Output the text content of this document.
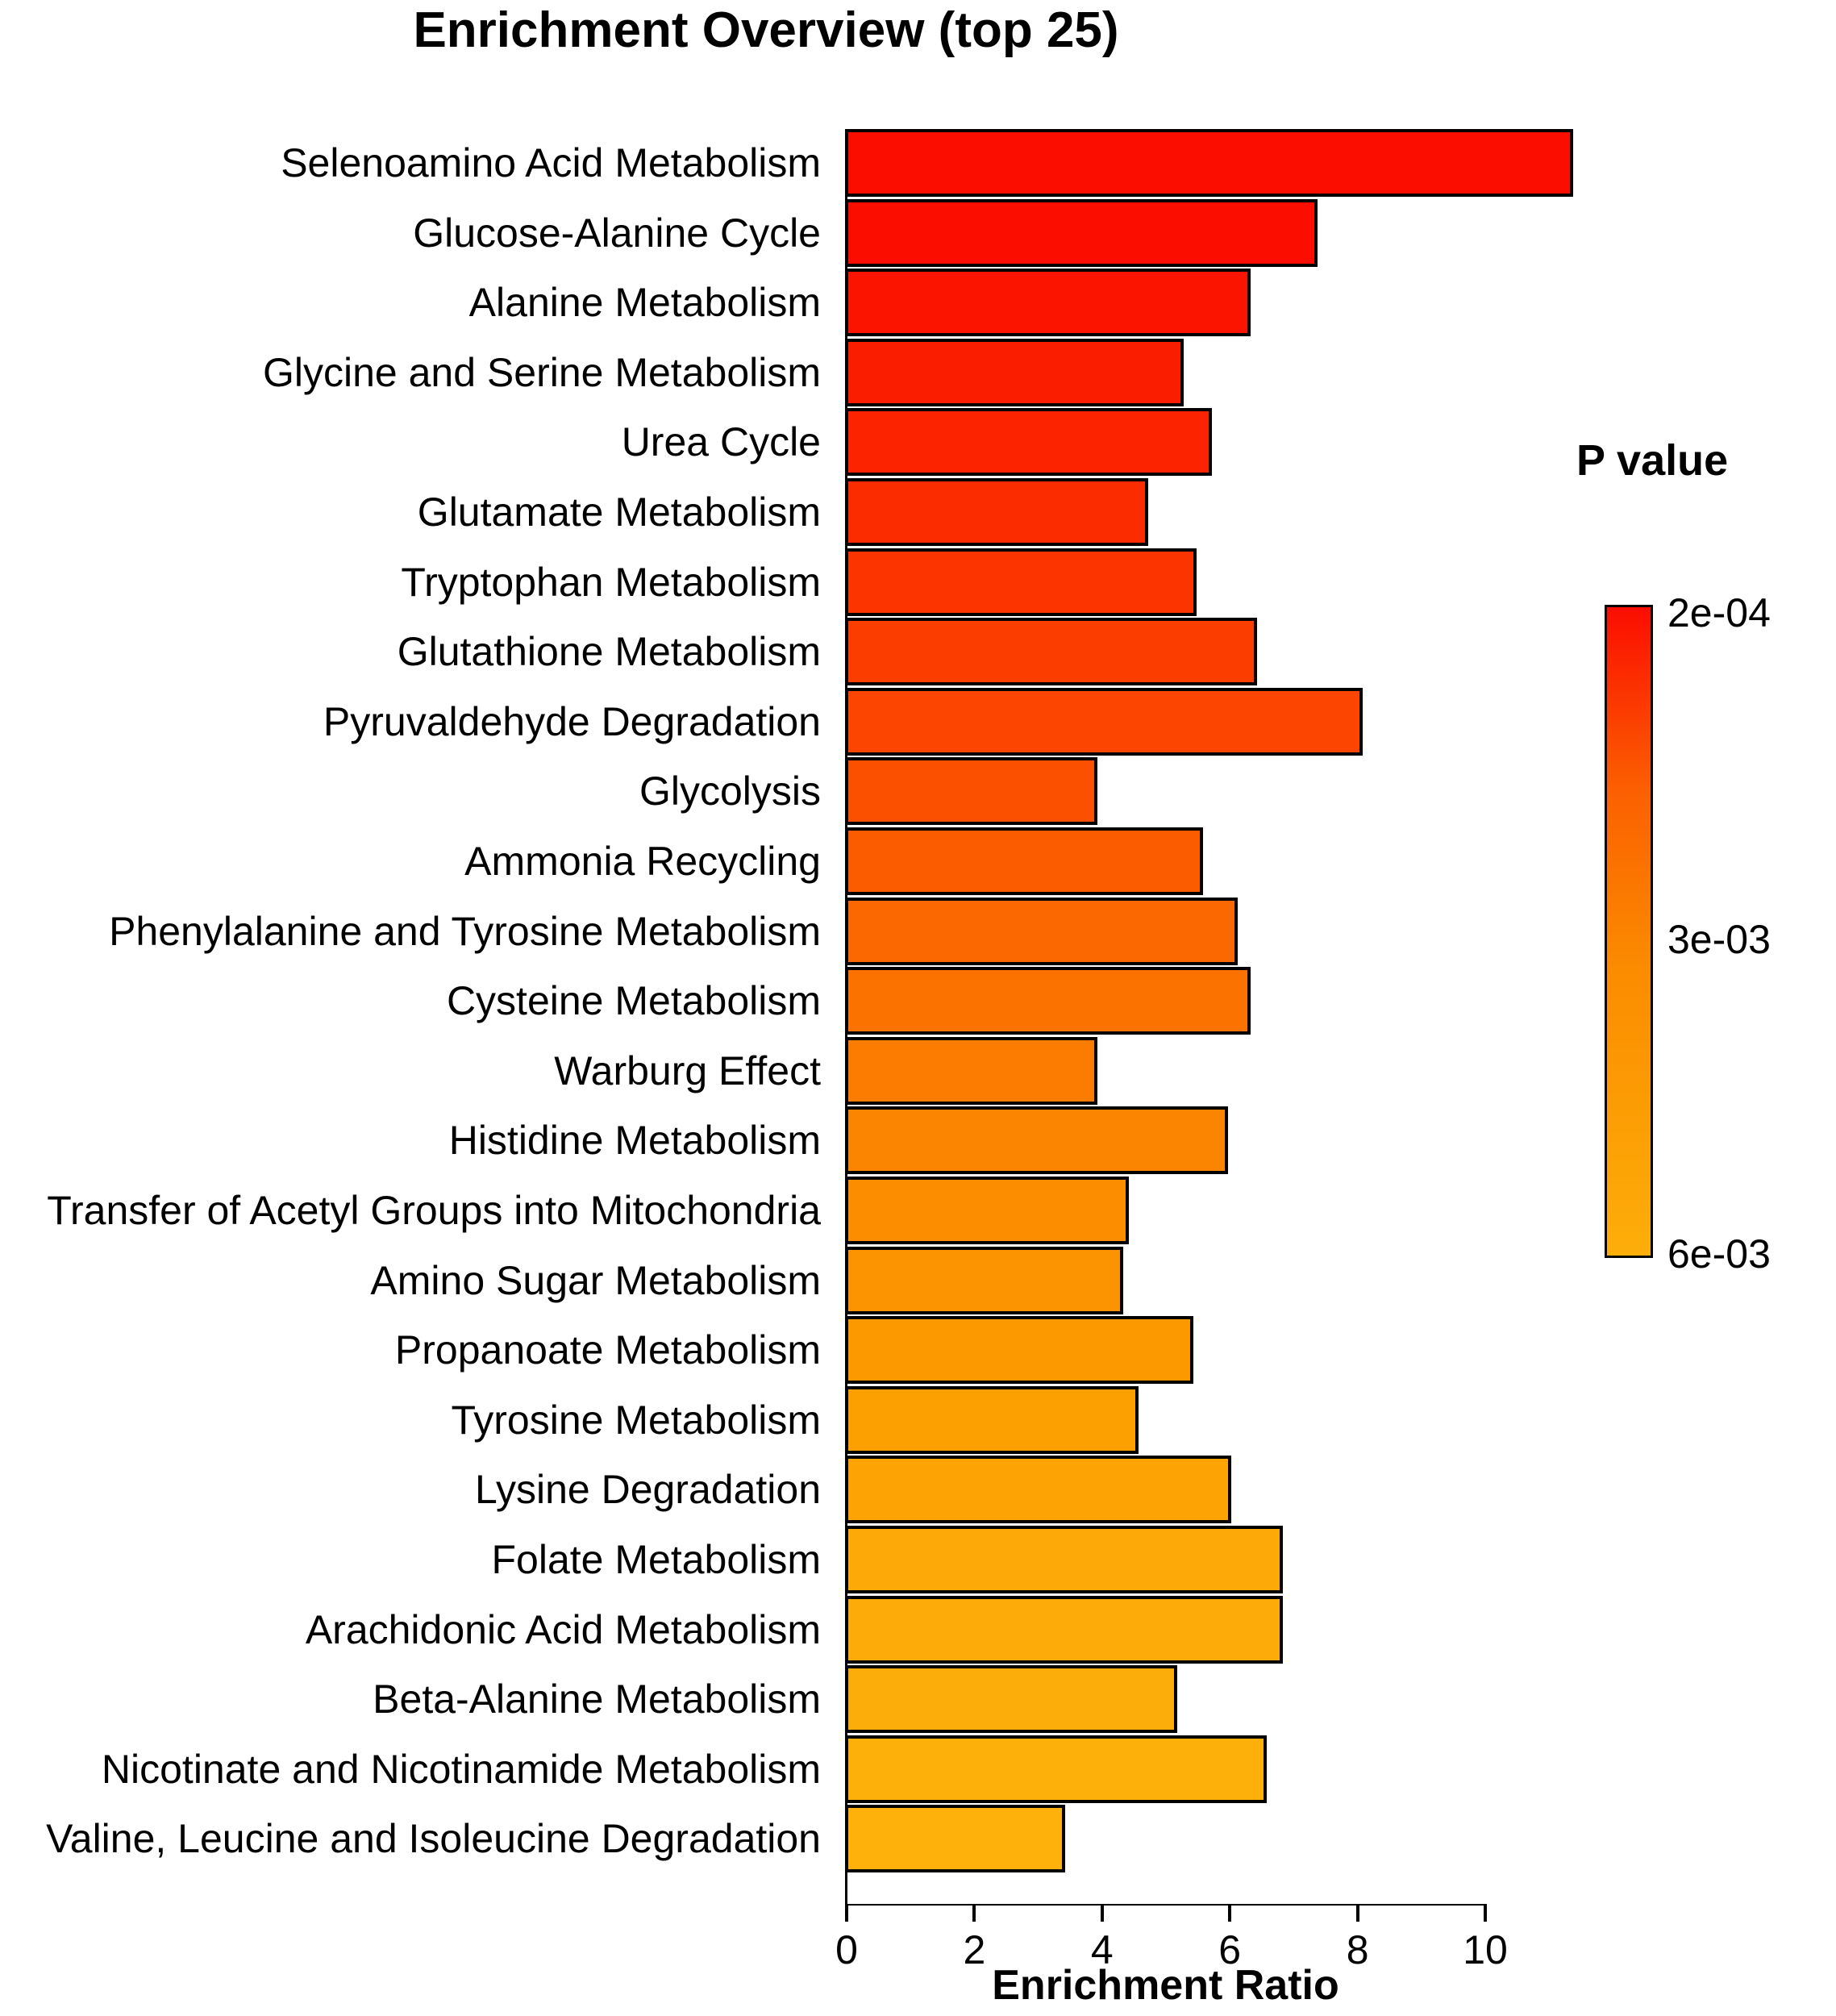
Enrichment Overview (top 25)
Selenoamino Acid Metabolism
Glucose-Alanine Cycle
Alanine Metabolism
Glycine and Serine Metabolism
Urea Cycle
Glutamate Metabolism
Tryptophan Metabolism
Glutathione Metabolism
Pyruvaldehyde Degradation
Glycolysis
Ammonia Recycling
Phenylalanine and Tyrosine Metabolism
Cysteine Metabolism
Warburg Effect
Histidine Metabolism
Transfer of Acetyl Groups into Mitochondria
Amino Sugar Metabolism
Propanoate Metabolism
Tyrosine Metabolism
Lysine Degradation
Folate Metabolism
Arachidonic Acid Metabolism
Beta-Alanine Metabolism
Nicotinate and Nicotinamide Metabolism
Valine, Leucine and Isoleucine Degradation
0	2	4	6	8 10
Enrichment Ratio
P value
2e-04
3e-03
6e-03
